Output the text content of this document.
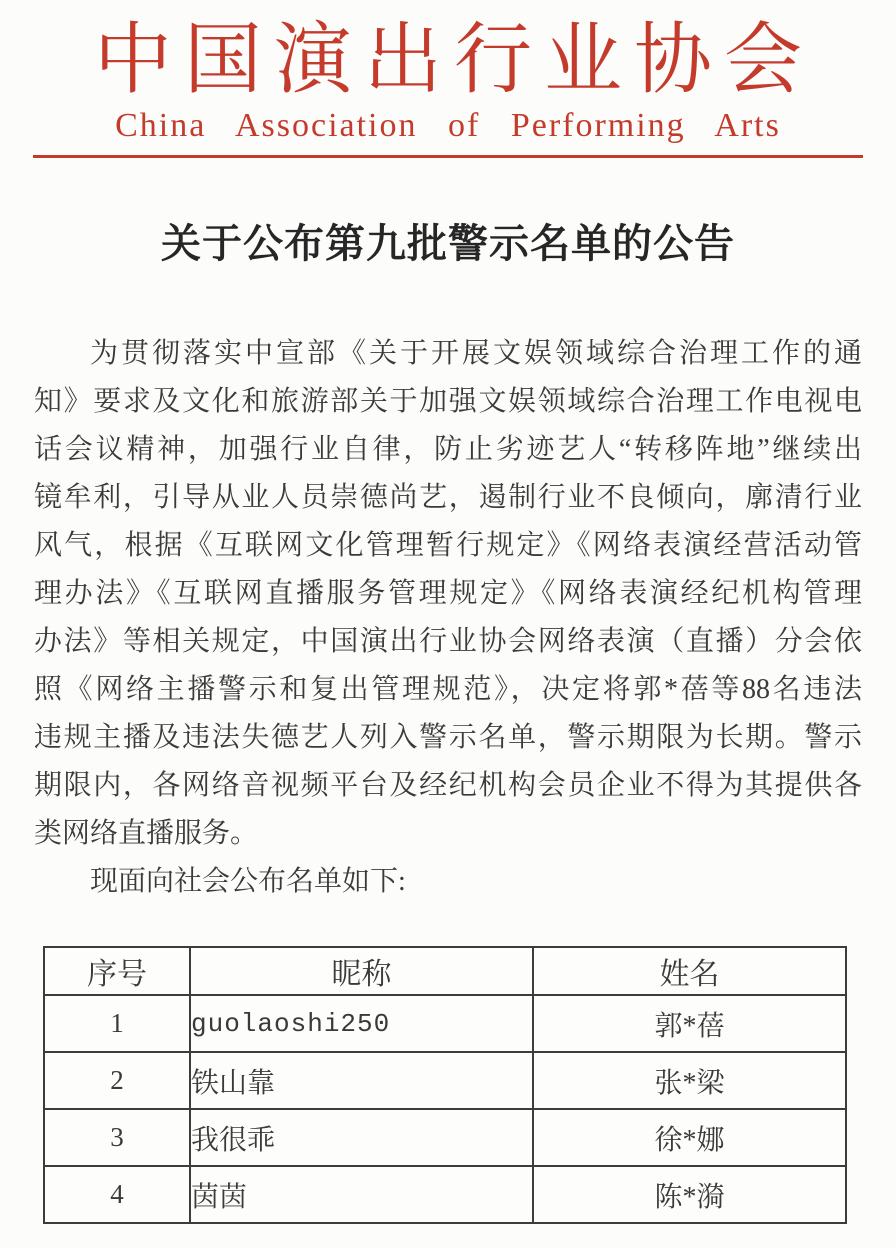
中国演出行业协会
China Association of Performing Arts
关于公布第九批警示名单的公告
为贯彻落实中宣部《关于开展文娱领域综合治理工作的通
知》要求及文化和旅游部关于加强文娱领域综合治理工作电视电
话会议精神，加强行业自律，防止劣迹艺人“转移阵地”继续出
镜牟利，引导从业人员崇德尚艺，遏制行业不良倾向，廓清行业
风气，根据《互联网文化管理暂行规定》《网络表演经营活动管
理办法》《互联网直播服务管理规定》《网络表演经纪机构管理
办法》等相关规定，中国演出行业协会网络表演（直播）分会依
照《网络主播警示和复出管理规范》，决定将郭*蓓等88名违法
违规主播及违法失德艺人列入警示名单，警示期限为长期。警示
期限内，各网络音视频平台及经纪机构会员企业不得为其提供各
类网络直播服务。
现面向社会公布名单如下:
序号	昵称	姓名
1	guolaoshi250	郭*蓓
2	铁山靠	张*梁
3	我很乖	徐*娜
4	茵茵	陈*漪
